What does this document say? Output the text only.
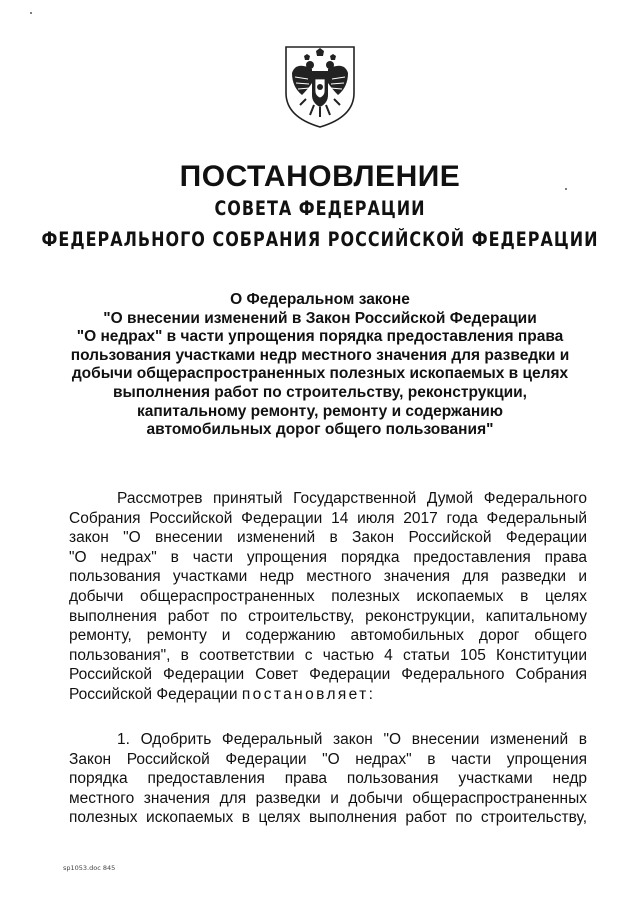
ПОСТАНОВЛЕНИЕ
СОВЕТА ФЕДЕРАЦИИ
ФЕДЕРАЛЬНОГО СОБРАНИЯ РОССИЙСКОЙ ФЕДЕРАЦИИ
О Федеральном законе
"О внесении изменений в Закон Российской Федерации
"О недрах" в части упрощения порядка предоставления права
пользования участками недр местного значения для разведки и
добычи общераспространенных полезных ископаемых в целях
выполнения работ по строительству, реконструкции,
капитальному ремонту, ремонту и содержанию
автомобильных дорог общего пользования"
Рассмотрев принятый Государственной Думой Федерального
Собрания Российской Федерации 14 июля 2017 года Федеральный
закон "О внесении изменений в Закон Российской Федерации
"О недрах" в части упрощения порядка предоставления права
пользования участками недр местного значения для разведки и
добычи общераспространенных полезных ископаемых в целях
выполнения работ по строительству, реконструкции, капитальному
ремонту, ремонту и содержанию автомобильных дорог общего
пользования", в соответствии с частью 4 статьи 105 Конституции
Российской Федерации Совет Федерации Федерального Собрания
Российской Федерации постановляет:
1. Одобрить Федеральный закон "О внесении изменений в
Закон Российской Федерации "О недрах" в части упрощения
порядка предоставления права пользования участками недр
местного значения для разведки и добычи общераспространенных
полезных ископаемых в целях выполнения работ по строительству,
sp1053.doc 845
